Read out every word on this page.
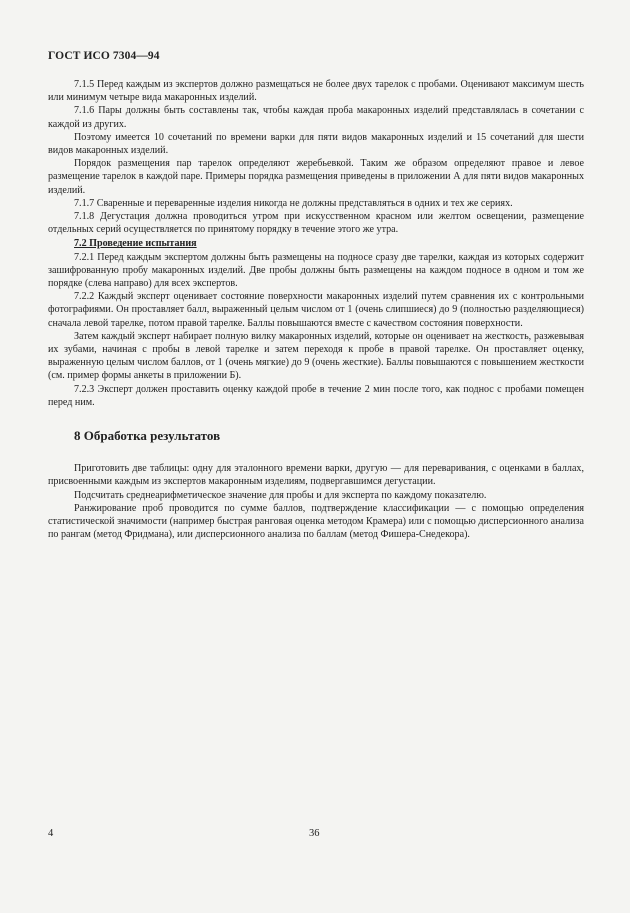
ГОСТ ИСО 7304—94

7.1.5 Перед каждым из экспертов должно размещаться не более двух тарелок с пробами. Оценивают максимум шесть или минимум четыре вида макаронных изделий.

7.1.6 Пары должны быть составлены так, чтобы каждая проба макаронных изделий представлялась в сочетании с каждой из других.

Поэтому имеется 10 сочетаний по времени варки для пяти видов макаронных изделий и 15 сочетаний для шести видов макаронных изделий.

Порядок размещения пар тарелок определяют жеребьевкой. Таким же образом определяют правое и левое размещение тарелок в каждой паре. Примеры порядка размещения приведены в приложении А для пяти видов макаронных изделий.

7.1.7 Сваренные и переваренные изделия никогда не должны представляться в одних и тех же сериях.

7.1.8 Дегустация должна проводиться утром при искусственном красном или желтом освещении, размещение отдельных серий осуществляется по принятому порядку в течение этого же утра.

7.2 Проведение испытания

7.2.1 Перед каждым экспертом должны быть размещены на подносе сразу две тарелки, каждая из которых содержит зашифрованную пробу макаронных изделий. Две пробы должны быть размещены на каждом подносе в одном и том же порядке (слева направо) для всех экспертов.

7.2.2 Каждый эксперт оценивает состояние поверхности макаронных изделий путем сравнения их с контрольными фотографиями. Он проставляет балл, выраженный целым числом от 1 (очень слипшиеся) до 9 (полностью разделяющиеся) сначала левой тарелке, потом правой тарелке. Баллы повышаются вместе с качеством состояния поверхности.

Затем каждый эксперт набирает полную вилку макаронных изделий, которые он оценивает на жесткость, разжевывая их зубами, начиная с пробы в левой тарелке и затем переходя к пробе в правой тарелке. Он проставляет оценку, выраженную целым числом баллов, от 1 (очень мягкие) до 9 (очень жесткие). Баллы повышаются с повышением жесткости (см. пример формы анкеты в приложении Б).

7.2.3 Эксперт должен проставить оценку каждой пробе в течение 2 мин после того, как поднос с пробами помещен перед ним.

8 Обработка результатов

Приготовить две таблицы: одну для эталонного времени варки, другую — для переваривания, с оценками в баллах, присвоенными каждым из экспертов макаронным изделиям, подвергавшимся дегустации.

Подсчитать среднеарифметическое значение для пробы и для эксперта по каждому показателю.

Ранжирование проб проводится по сумме баллов, подтверждение классификации — с помощью определения статистической значимости (например быстрая ранговая оценка методом Крамера) или с помощью дисперсионного анализа по рангам (метод Фридмана), или дисперсионного анализа по баллам (метод Фишера-Снедекора).

4	36
